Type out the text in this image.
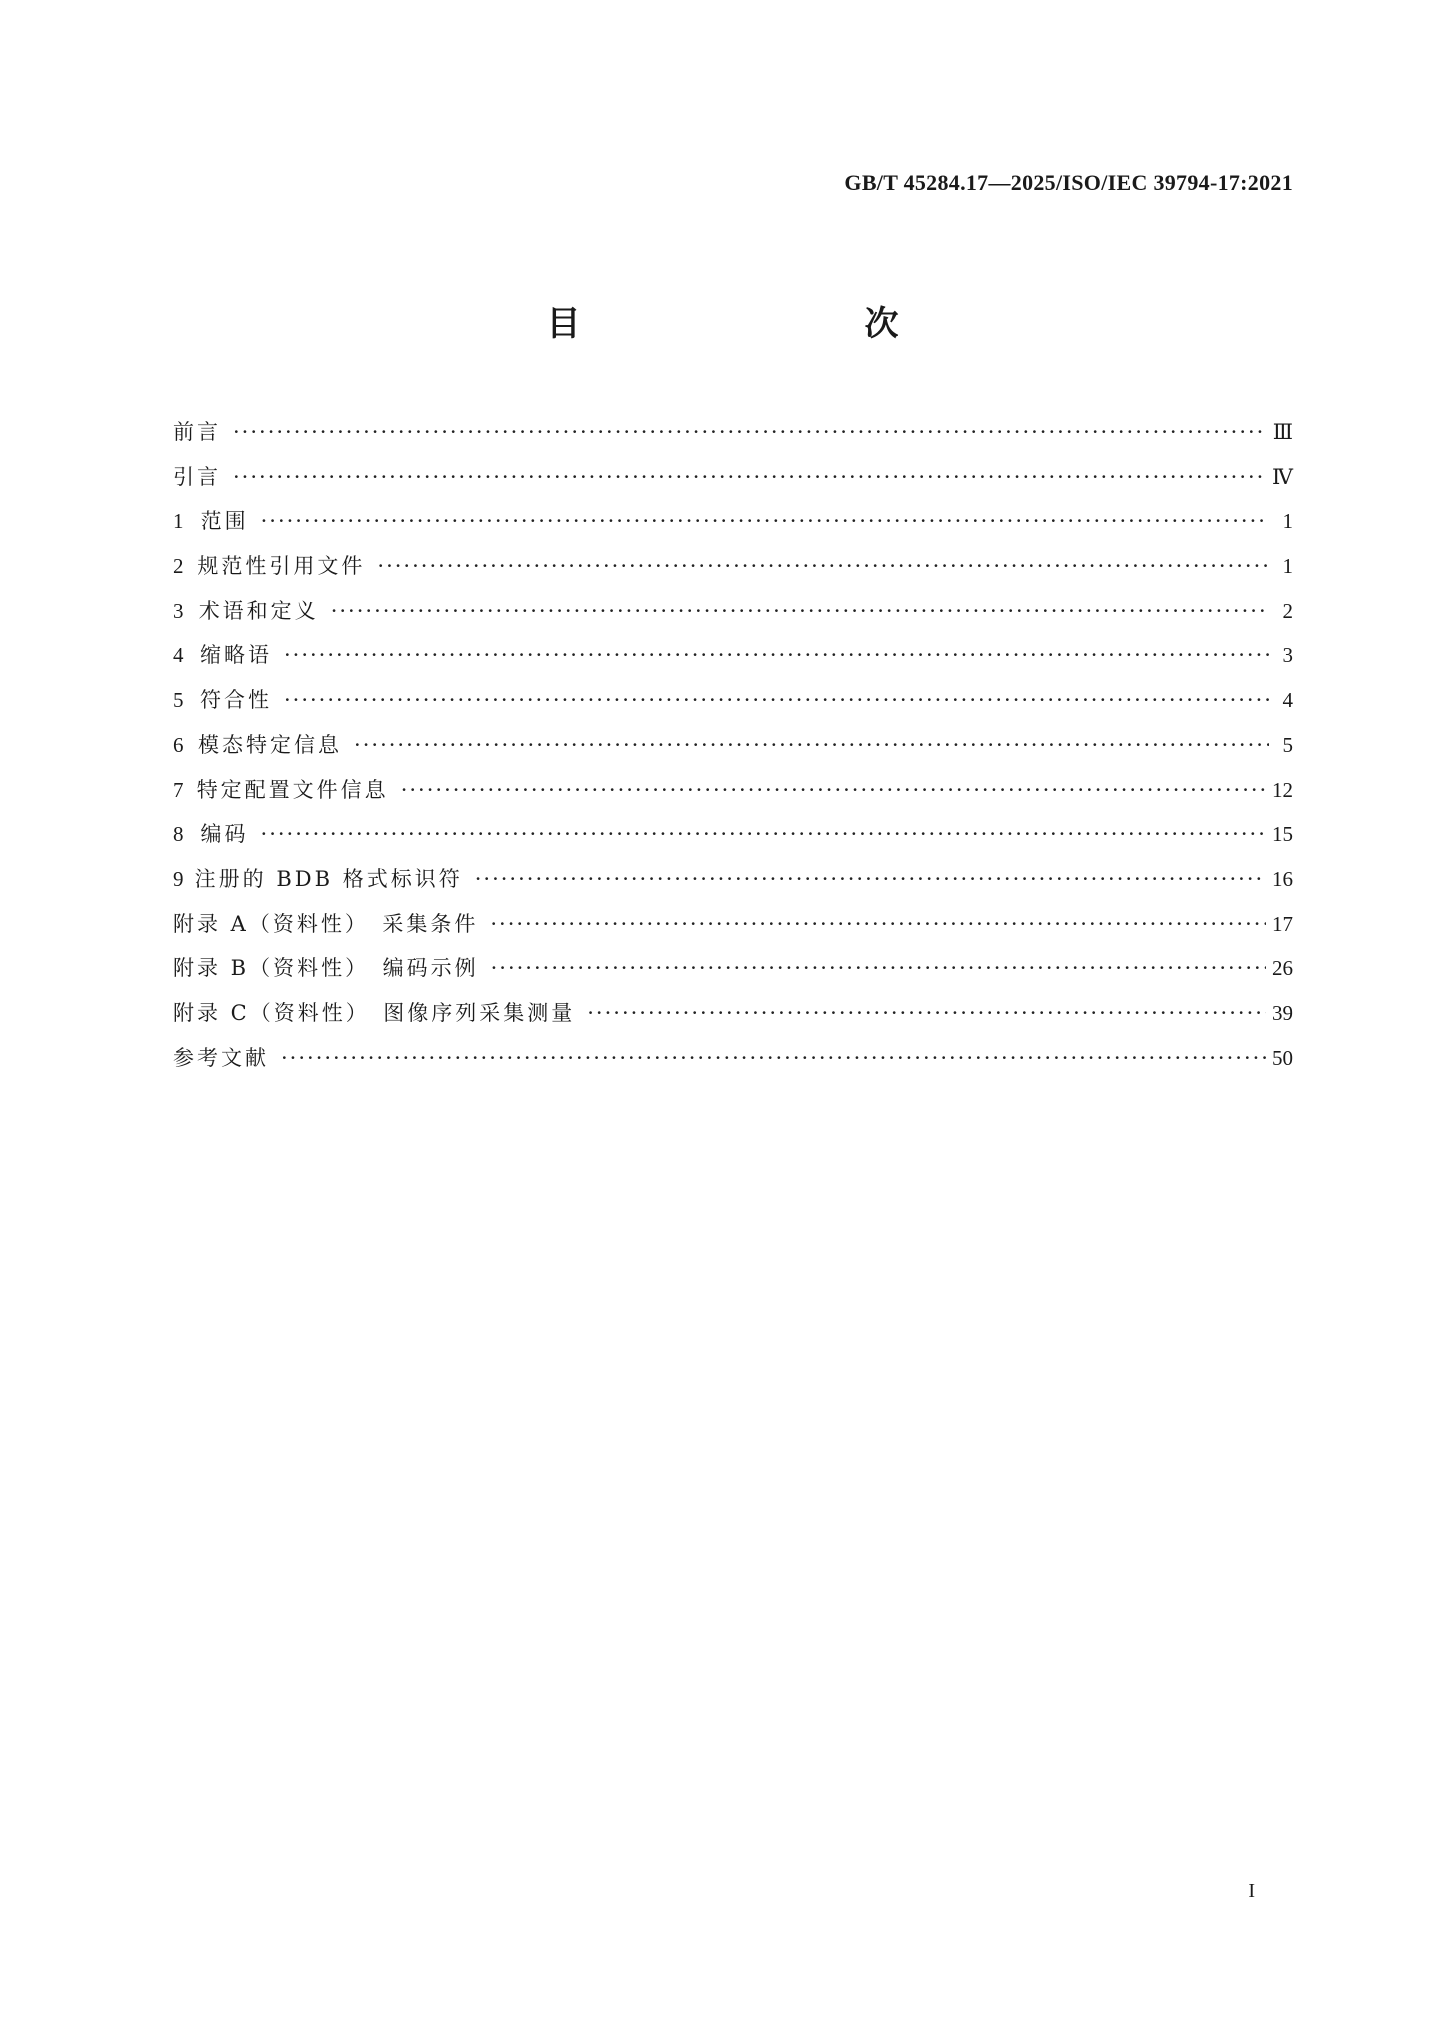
GB/T 45284.17—2025/ISO/IEC 39794-17:2021
目　　次
前言 ·····	Ⅲ
引言 ·····	Ⅳ
1 范围 ·····	1
2 规范性引用文件 ·····	1
3 术语和定义 ·····	2
4 缩略语 ·····	3
5 符合性 ·····	4
6 模态特定信息 ·····	5
7 特定配置文件信息 ·····	12
8 编码 ·····	15
9 注册的 BDB 格式标识符 ·····	16
附录 A（资料性）　采集条件 ·····	17
附录 B（资料性）　编码示例 ·····	26
附录 C（资料性）　图像序列采集测量 ·····	39
参考文献 ·····	50
I
